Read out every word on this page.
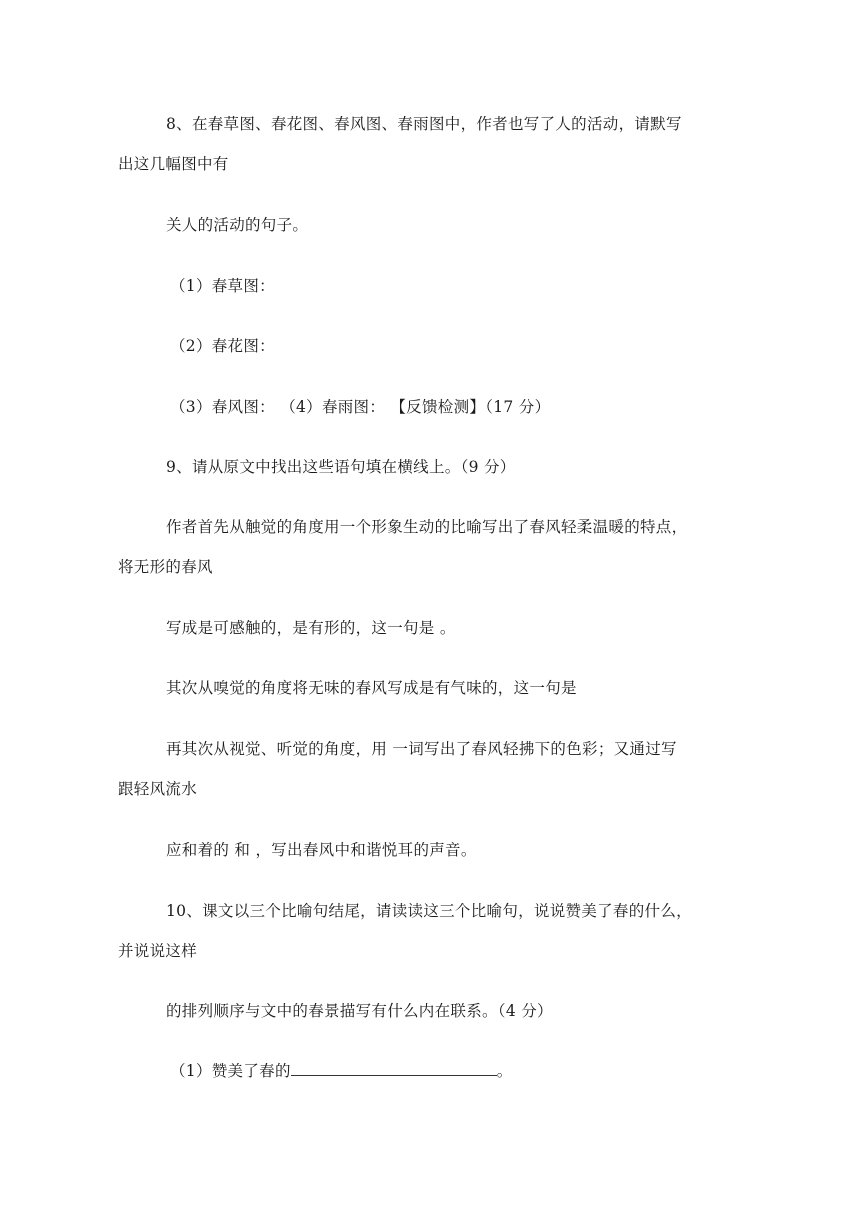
8、在春草图、春花图、春风图、春雨图中，作者也写了人的活动，请默写
出这几幅图中有
关人的活动的句子。
（1）春草图：
（2）春花图：
（3）春风图： （4）春雨图： 【反馈检测】（17 分）
9、请从原文中找出这些语句填在横线上。（9 分）
作者首先从触觉的角度用一个形象生动的比喻写出了春风轻柔温暖的特点，
将无形的春风
写成是可感触的，是有形的，这一句是 。
其次从嗅觉的角度将无味的春风写成是有气味的，这一句是
再其次从视觉、听觉的角度，用 一词写出了春风轻拂下的色彩；又通过写
跟轻风流水
应和着的 和 ，写出春风中和谐悦耳的声音。
10、课文以三个比喻句结尾，请读读这三个比喻句，说说赞美了春的什么，
并说说这样
的排列顺序与文中的春景描写有什么内在联系。（4 分）
（1）赞美了春的	。
